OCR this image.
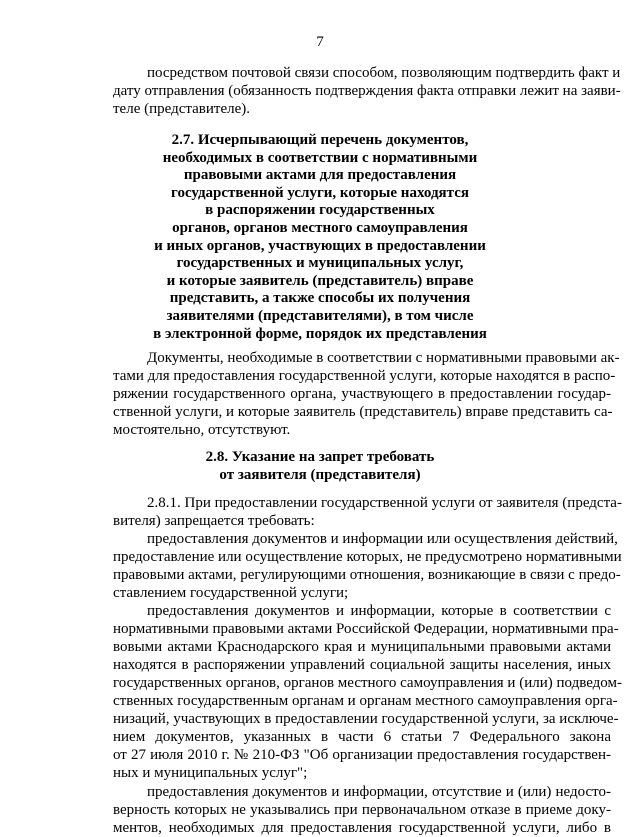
7
посредством почтовой связи способом, позволяющим подтвердить факт и
дату отправления (обязанность подтверждения факта отправки лежит на заяви-
теле (представителе).
2.7. Исчерпывающий перечень документов,
необходимых в соответствии с нормативными
правовыми актами для предоставления
государственной услуги, которые находятся
в распоряжении государственных
органов, органов местного самоуправления
и иных органов, участвующих в предоставлении
государственных и муниципальных услуг,
и которые заявитель (представитель) вправе
представить, а также способы их получения
заявителями (представителями), в том числе
в электронной форме, порядок их представления
Документы, необходимые в соответствии с нормативными правовыми ак-
тами для предоставления государственной услуги, которые находятся в распо-
ряжении государственного органа, участвующего в предоставлении государ-
ственной услуги, и которые заявитель (представитель) вправе представить са-
мостоятельно, отсутствуют.
2.8. Указание на запрет требовать
от заявителя (представителя)
2.8.1. При предоставлении государственной услуги от заявителя (предста-
вителя) запрещается требовать:
предоставления документов и информации или осуществления действий,
предоставление или осуществление которых, не предусмотрено нормативными
правовыми актами, регулирующими отношения, возникающие в связи с предо-
ставлением государственной услуги;
предоставления документов и информации, которые в соответствии с
нормативными правовыми актами Российской Федерации, нормативными пра-
вовыми актами Краснодарского края и муниципальными правовыми актами
находятся в распоряжении управлений социальной защиты населения, иных
государственных органов, органов местного самоуправления и (или) подведом-
ственных государственным органам и органам местного самоуправления орга-
низаций, участвующих в предоставлении государственной услуги, за исключе-
нием документов, указанных в части 6 статьи 7 Федерального закона
от 27 июля 2010 г. № 210-ФЗ "Об организации предоставления государствен-
ных и муниципальных услуг";
предоставления документов и информации, отсутствие и (или) недосто-
верность которых не указывались при первоначальном отказе в приеме доку-
ментов, необходимых для предоставления государственной услуги, либо в
